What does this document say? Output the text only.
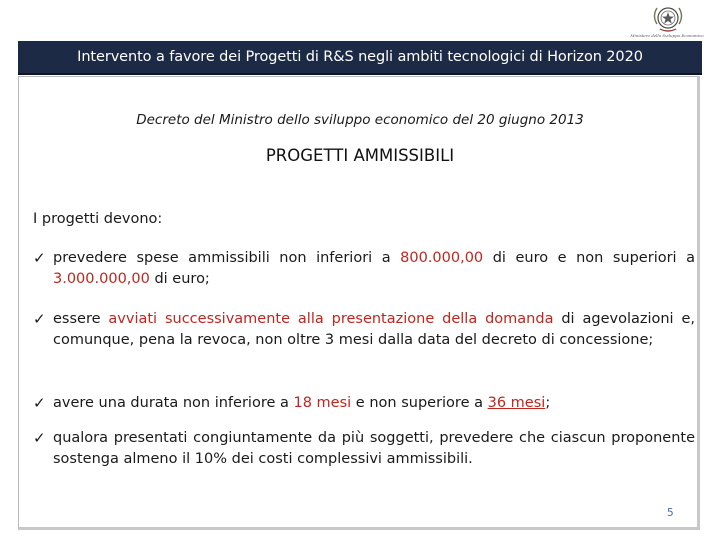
Ministero dello Sviluppo Economico
Intervento a favore dei Progetti di R&S negli ambiti tecnologici di Horizon 2020
Decreto del Ministro dello sviluppo economico del 20 giugno 2013
PROGETTI AMMISSIBILI
I progetti devono:
✓ prevedere spese ammissibili non inferiori a 800.000,00 di euro e non superiori a 3.000.000,00 di euro;
✓ essere avviati successivamente alla presentazione della domanda di agevolazioni e, comunque, pena la revoca, non oltre 3 mesi dalla data del decreto di concessione;
✓ avere una durata non inferiore a 18 mesi e non superiore a 36 mesi;
✓ qualora presentati congiuntamente da più soggetti, prevedere che ciascun proponente sostenga almeno il 10% dei costi complessivi ammissibili.
5
